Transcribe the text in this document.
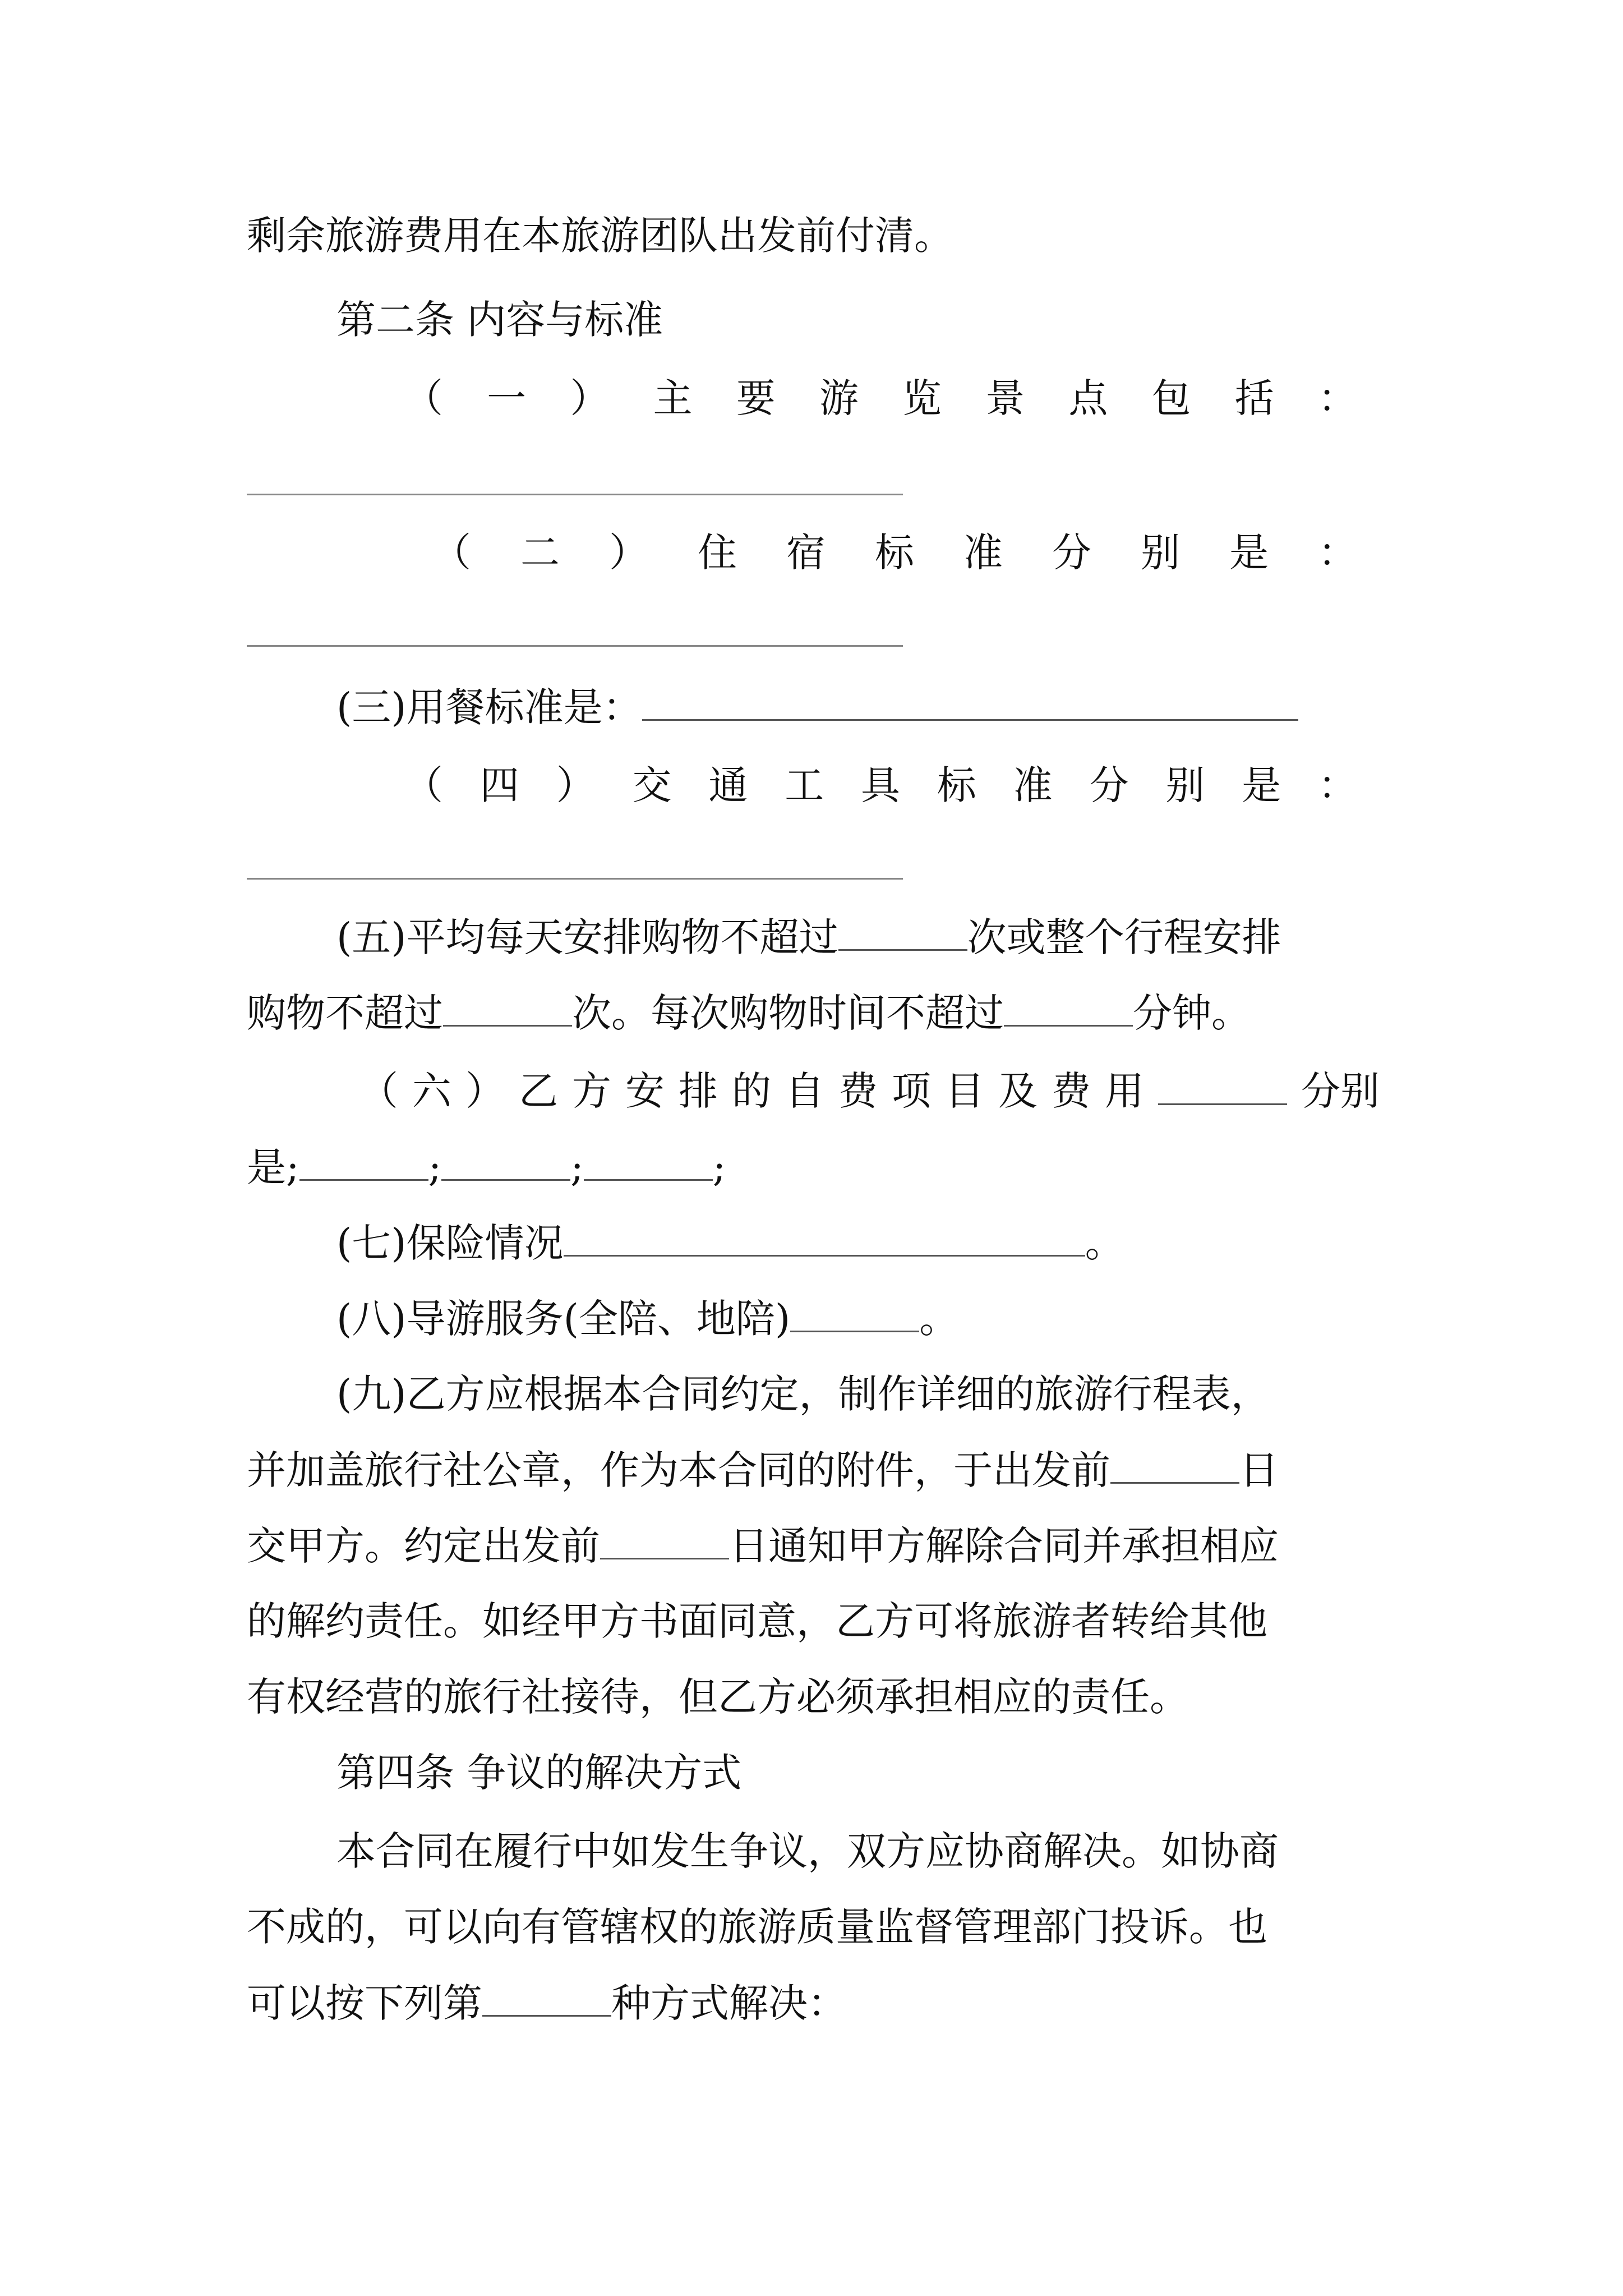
剩余旅游费用在本旅游团队出发前付清。
第二条 内容与标准
（ 一 ） 主 要 游 览 景 点 包 括 ：
（ 二 ） 住 宿 标 准 分 别 是 ：
(三)用餐标准是：
（ 四 ） 交 通 工 具 标 准 分 别 是 ：
(五)平均每天安排购物不超过	次或整个行程安排
购物不超过	次。每次购物时间不超过	分钟。
（ 六 ） 乙 方 安 排 的 自 费 项 目 及 费 用	分别
是;	;	;	;
(七)保险情况	。
(八)导游服务(全陪、地陪)	。
(九)乙方应根据本合同约定，制作详细的旅游行程表，
并加盖旅行社公章，作为本合同的附件，于出发前	日
交甲方。约定出发前	日通知甲方解除合同并承担相应
的解约责任。如经甲方书面同意，乙方可将旅游者转给其他
有权经营的旅行社接待，但乙方必须承担相应的责任。
第四条 争议的解决方式
本合同在履行中如发生争议，双方应协商解决。如协商
不成的，可以向有管辖权的旅游质量监督管理部门投诉。也
可以按下列第	种方式解决：
